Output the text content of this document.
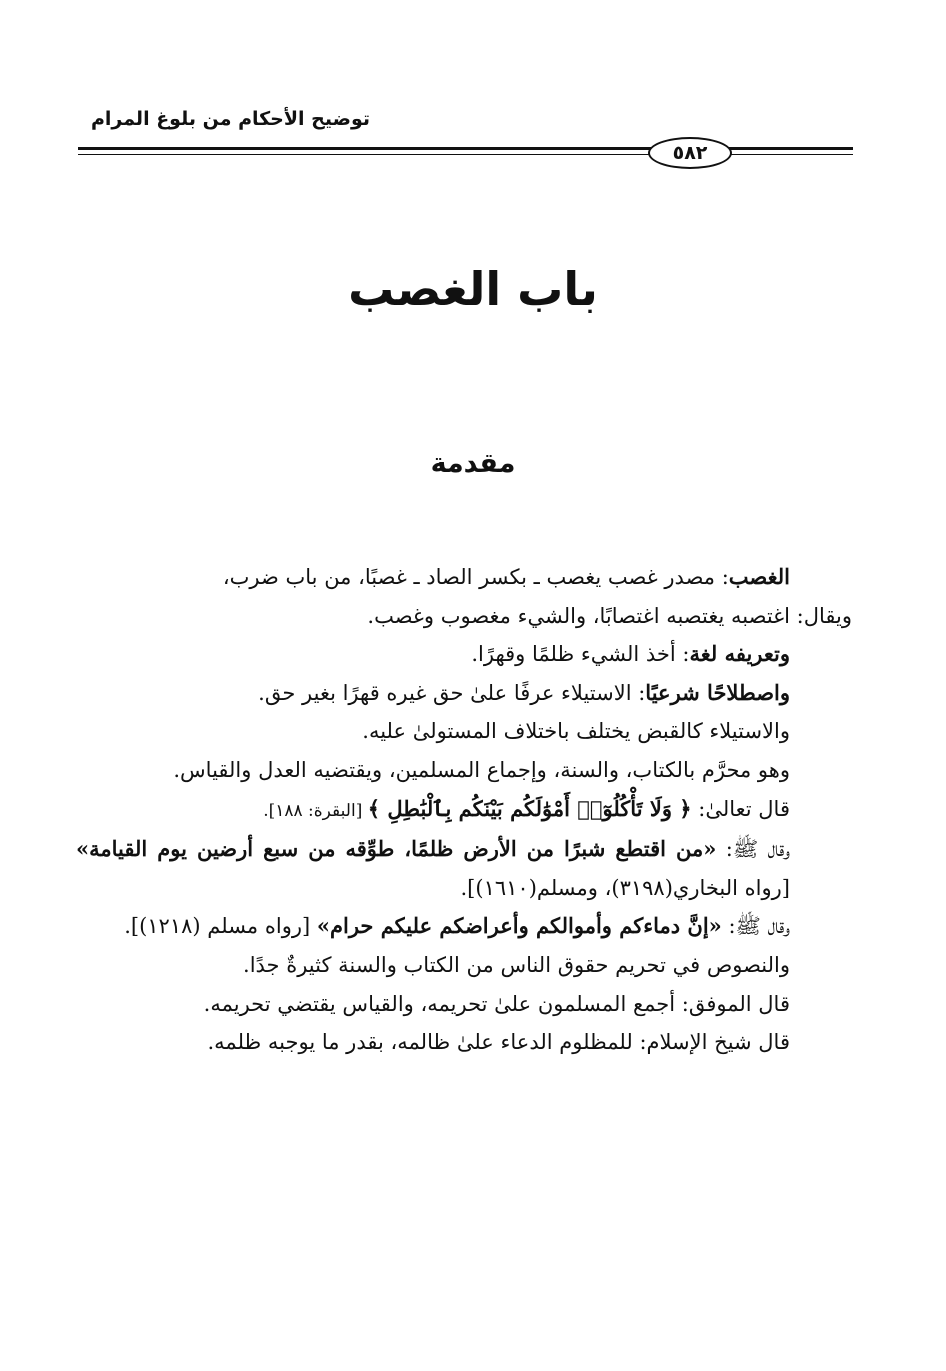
توضيح الأحكام من بلوغ المرام
٥٨٢
باب الغصب
مقدمة

الغصب: مصدر غصب يغصب ـ بكسر الصاد ـ غصبًا، من باب ضرب،

ويقال: اغتصبه يغتصبه اغتصابًا، والشيء مغصوب وغصب.

وتعريفه لغة: أخذ الشيء ظلمًا وقهرًا.

واصطلاحًا شرعيًا: الاستيلاء عرفًا علىٰ حق غيره قهرًا بغير حق.

والاستيلاء كالقبض يختلف باختلاف المستولىٰ عليه.

وهو محرَّم بالكتاب، والسنة، وإجماع المسلمين، ويقتضيه العدل والقياس.

قال تعالىٰ: ﴿ وَلَا تَأْكُلُوٓا۟ أَمْوَٰلَكُم بَيْنَكُم بِٱلْبَٰطِلِ ﴾ [البقرة: ١٨٨].

وقال ﷺ: «من اقتطع شبرًا من الأرض ظلمًا، طوِّقه من سبع أرضين يوم القيامة» [رواه البخاري(٣١٩٨)، ومسلم(١٦١٠)].

وقال ﷺ: «إنَّ دماءكم وأموالكم وأعراضكم عليكم حرام» [رواه مسلم (١٢١٨)].

والنصوص في تحريم حقوق الناس من الكتاب والسنة كثيرةٌ جدًا.

قال الموفق: أجمع المسلمون علىٰ تحريمه، والقياس يقتضي تحريمه.

قال شيخ الإسلام: للمظلوم الدعاء علىٰ ظالمه، بقدر ما يوجبه ظلمه.
